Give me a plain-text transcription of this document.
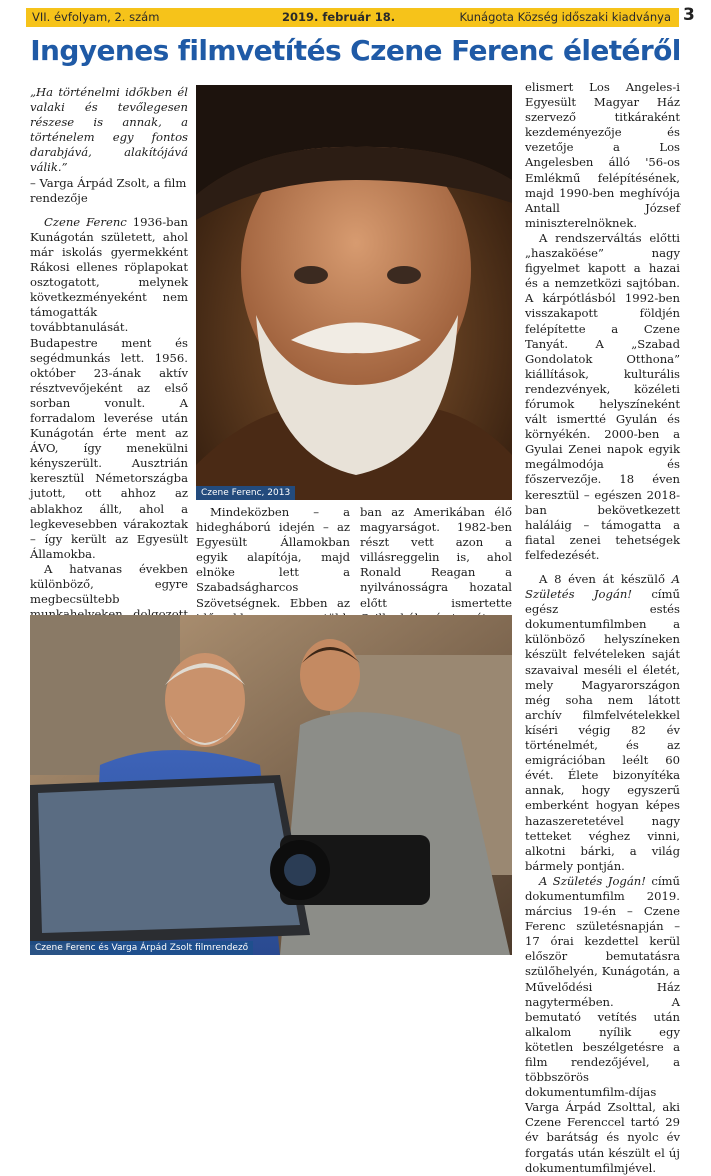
VII. évfolyam, 2. szám	2019. február 18.	Kunágota Község időszaki kiadványa 3
Ingyenes filmvetítés Czene Ferenc életéről

„Ha történelmi időkben él valaki és tevőlegesen részese is annak, a történelem egy fontos darabjává, alakítójává válik.”

– Varga Árpád Zsolt, a film rendezője

Czene Ferenc 1936-ban Kunágotán született, ahol már iskolás gyermekként Rákosi ellenes röplapokat osztogatott, melynek következményeként nem támogatták továbbtanulását. Budapestre ment és segédmunkás lett. 1956. október 23-ának aktív résztvevőjeként az első sorban vonult. A forradalom leverése után Kunágotán érte ment az ÁVO, így menekülni kényszerült. Ausztrián keresztül Németországba jutott, ott ahhoz az ablakhoz állt, ahol a legkevesebben várakoztak – így került az Egyesült Államokba.

A hatvanas években különböző, egyre megbecsültebb

Czene Ferenc, 2013

Mindeközben – a hidegháború idején – az Egyesült Államokban egyik alapítója, majd elnöke lett a Szabadságharcos Szövetségnek. Ebben az

ban az Amerikában élő magyarságot. 1982-ben részt vett azon a villásreggelin is, ahol Ronald Reagan a nyilvánosságra hozatal előtt ismertette

elismert Los Angeles-i Egyesült Magyar Ház szervező titkáraként kezdeményezője és vezetője a Los Angelesben álló '56-os Emlékmű felépítésének, majd 1990-ben meghívója Antall József miniszterelnöknek.

A rendszerváltás előtti „haszaköése” nagy figyelmet kapott a hazai és a nemzetközi sajtóban. A kárpótlásból 1992-ben visszakapott földjén felépítette a Czene Tanyát. A „Szabad Gondolatok Otthona” kiállítások, kulturális rendezvények, közéleti fórumok helyszíneként vált ismertté Gyulán és környékén. 2000-ben a Gyulai Zenei napok egyik megálmodója és főszervezője. 18 éven keresztül – egészen 2018-ban bekövetkezett haláláig – támogatta a fiatal zenei tehetségek felfedezését.

A 8 éven át készülő A Születés Jogán! című egész estés dokumentumfilmben a különböző helyszíneken készült felvételeken saját szavaival meséli el életét, mely Magyarországon még soha nem látott archív filmfelvételekkel kíséri végig 82 év történelmét, és az emigrációban leélt 60 évét. Élete bizonyítéka annak, hogy egyszerű emberként hogyan képes hazaszeretetével nagy tetteket véghez vinni, alkotni bárki, a világ bármely pontján.

A Születés Jogán! című dokumentumfilm 2019. március 19-én – Czene Ferenc születésnapján – 17 órai kezdettel kerül először bemutatásra szülőhelyén, Kunágotán, a Művelődési Ház nagytermében. A bemutató vetítés után alkalom nyílik egy kötetlen beszélgetésre a film rendezőjével, a többszörös dokumentumfilm-díjas Varga Árpád Zsolttal, aki Czene Ferenccel tartó 29 év barátság és nyolc év forgatás után készült el új dokumentumfilmjével.

Czene Ferenc és Varga Árpád Zsolt filmrendező
